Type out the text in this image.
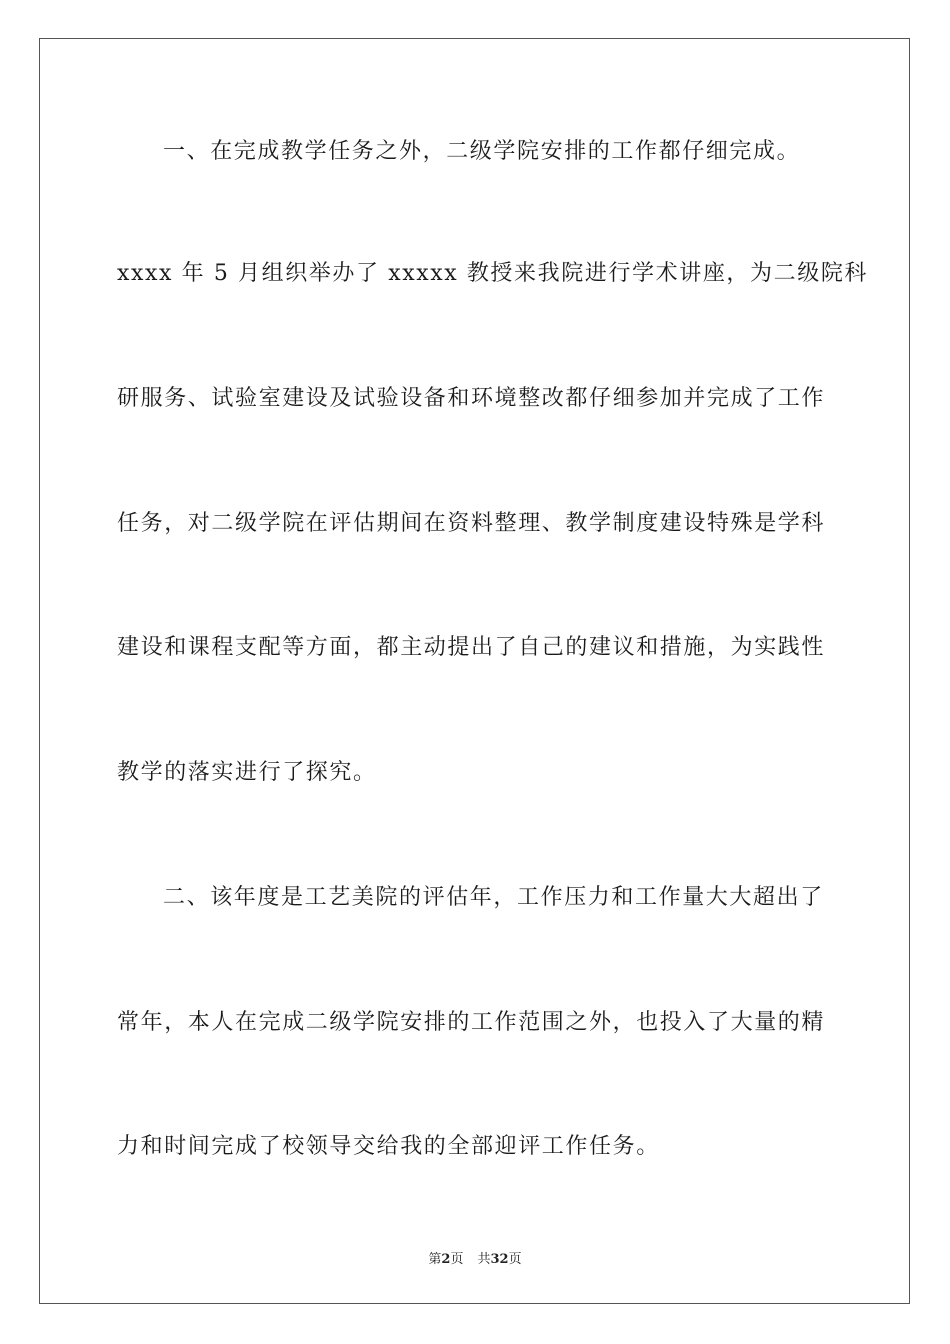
一、在完成教学任务之外，二级学院安排的工作都仔细完成。
xxxx 年 5 月组织举办了 xxxxx 教授来我院进行学术讲座，为二级院科
研服务、试验室建设及试验设备和环境整改都仔细参加并完成了工作
任务，对二级学院在评估期间在资料整理、教学制度建设特殊是学科
建设和课程支配等方面，都主动提出了自己的建议和措施，为实践性
教学的落实进行了探究。
二、该年度是工艺美院的评估年，工作压力和工作量大大超出了
常年，本人在完成二级学院安排的工作范围之外，也投入了大量的精
力和时间完成了校领导交给我的全部迎评工作任务。
第2页 共32页
